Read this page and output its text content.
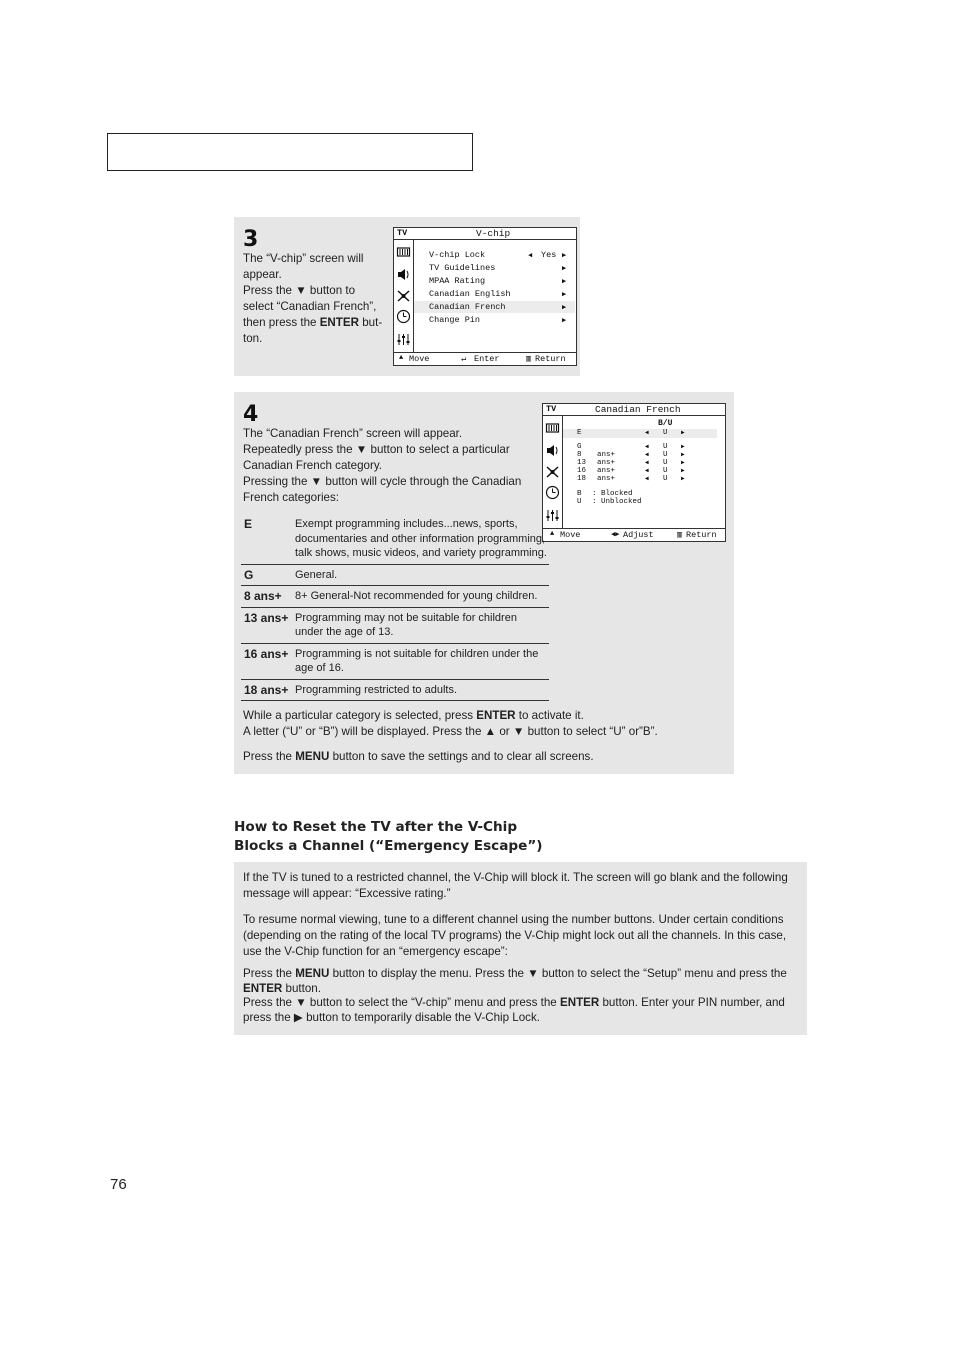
3
The “V-chip” screen will
appear.
Press the ▼ button to
select “Canadian French”,
then press the ENTER but-
ton.
TV	V-chip
V-chip Lock	◀ Yes ▶
TV Guidelines	▶
MPAA Rating	▶
Canadian English	▶
Canadian French	▶
Change Pin	▶
▲ Move	↵ Enter	▥ Return
4
The “Canadian French” screen will appear.
Repeatedly press the ▼ button to select a particular
Canadian French category.
Pressing the ▼ button will cycle through the Canadian
French categories:
TV	Canadian French
B/U
E	◀ U ▶
G	◀ U ▶
8 ans+	◀ U ▶
13 ans+	◀ U ▶
16 ans+	◀ U ▶
18 ans+	◀ U ▶
B : Blocked
U : Unblocked
▲ Move	◀▶ Adjust	▥ Return
E	Exempt programming includes...news, sports, documentaries and other information programming, talk shows, music videos, and variety programming.
G	General.
8 ans+	8+ General-Not recommended for young children.
13 ans+	Programming may not be suitable for children under the age of 13.
16 ans+	Programming is not suitable for children under the age of 16.
18 ans+	Programming restricted to adults.
While a particular category is selected, press ENTER to activate it.
A letter (“U” or “B”) will be displayed. Press the ▲ or ▼ button to select “U” or”B”.
Press the MENU button to save the settings and to clear all screens.
How to Reset the TV after the V-Chip
Blocks a Channel (“Emergency Escape”)
If the TV is tuned to a restricted channel, the V-Chip will block it. The screen will go blank and the following message will appear: “Excessive rating.”
To resume normal viewing, tune to a different channel using the number buttons. Under certain conditions (depending on the rating of the local TV programs) the V-Chip might lock out all the channels. In this case, use the V-Chip function for an “emergency escape”:
Press the MENU button to display the menu. Press the ▼ button to select the “Setup” menu and press the ENTER button.
Press the ▼ button to select the “V-chip” menu and press the ENTER button. Enter your PIN number, and press the ▶ button to temporarily disable the V-Chip Lock.
76
